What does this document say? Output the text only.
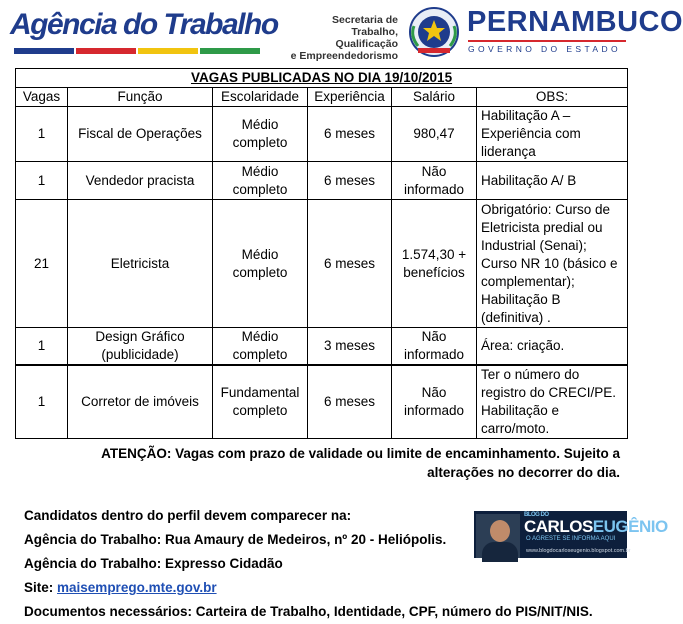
Agência do Trabalho	Secretaria de
Trabalho, Qualificação
e Empreendedorismo
PERNAMBUCO
GOVERNO DO ESTADO
VAGAS PUBLICADAS NO DIA 19/10/2015					
Vagas	Função	Escolaridade	Experiência	Salário	OBS:
1	Fiscal de Operações	Médio completo	6 meses	980,47	Habilitação A – Experiência com liderança
1	Vendedor pracista	Médio completo	6 meses	Não informado	Habilitação A/ B
21	Eletricista	Médio completo	6 meses	1.574,30 + benefícios	Obrigatório: Curso de Eletricista predial ou Industrial (Senai); Curso NR 10 (básico e complementar); Habilitação B (definitiva) .
1	Design Gráfico (publicidade)	Médio completo	3 meses	Não informado	Área: criação.
1	Corretor de imóveis	Fundamental completo	6 meses	Não informado	Ter o número do registro do CRECI/PE. Habilitação e carro/moto.
ATENÇÃO: Vagas com prazo de validade ou limite de encaminhamento. Sujeito a
alterações no decorrer do dia.
Candidatos dentro do perfil devem comparecer na:
Agência do Trabalho: Rua Amaury de Medeiros, nº 20 - Heliópolis.
Agência do Trabalho: Expresso Cidadão
Site: maisemprego.mte.gov.br
Documentos necessários: Carteira de Trabalho, Identidade, CPF, número do PIS/NIT/NIS.
BLOG DO
CARLOSEUGÊNIO
O AGRESTE SE INFORMA AQUI
www.blogdocarloseugenio.blogspot.com.br
